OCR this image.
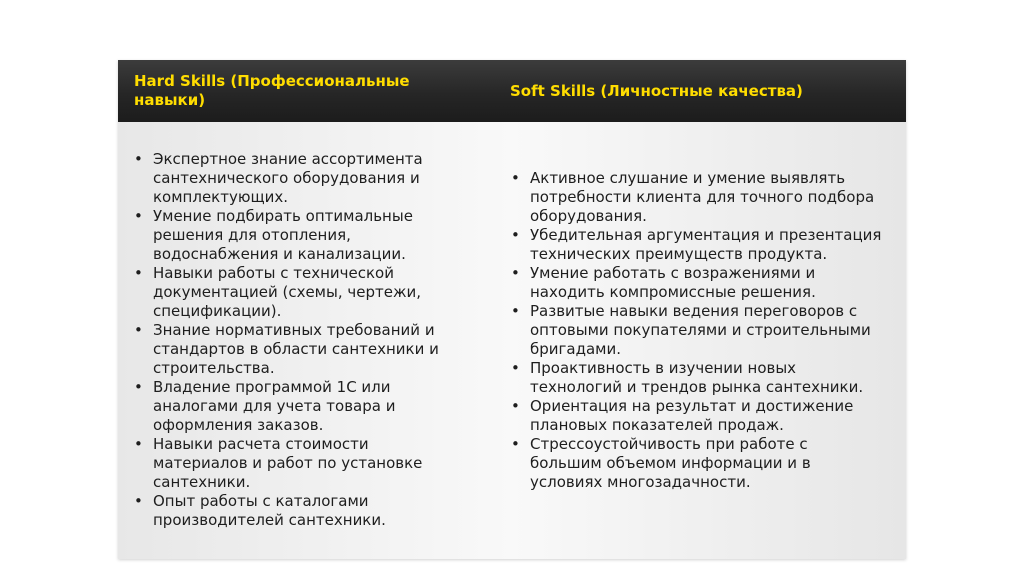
Hard Skills (Профессиональные навыки)	Soft Skills (Личностные качества)
• Экспертное знание ассортимента сантехнического оборудования и комплектующих.
• Умение подбирать оптимальные решения для отопления, водоснабжения и канализации.
• Навыки работы с технической документацией (схемы, чертежи, спецификации).
• Знание нормативных требований и стандартов в области сантехники и строительства.
• Владение программой 1С или аналогами для учета товара и оформления заказов.
• Навыки расчета стоимости материалов и работ по установке сантехники.
• Опыт работы с каталогами производителей сантехники.
• Активное слушание и умение выявлять потребности клиента для точного подбора оборудования.
• Убедительная аргументация и презентация технических преимуществ продукта.
• Умение работать с возражениями и находить компромиссные решения.
• Развитые навыки ведения переговоров с оптовыми покупателями и строительными бригадами.
• Проактивность в изучении новых технологий и трендов рынка сантехники.
• Ориентация на результат и достижение плановых показателей продаж.
• Стрессоустойчивость при работе с большим объемом информации и в условиях многозадачности.
